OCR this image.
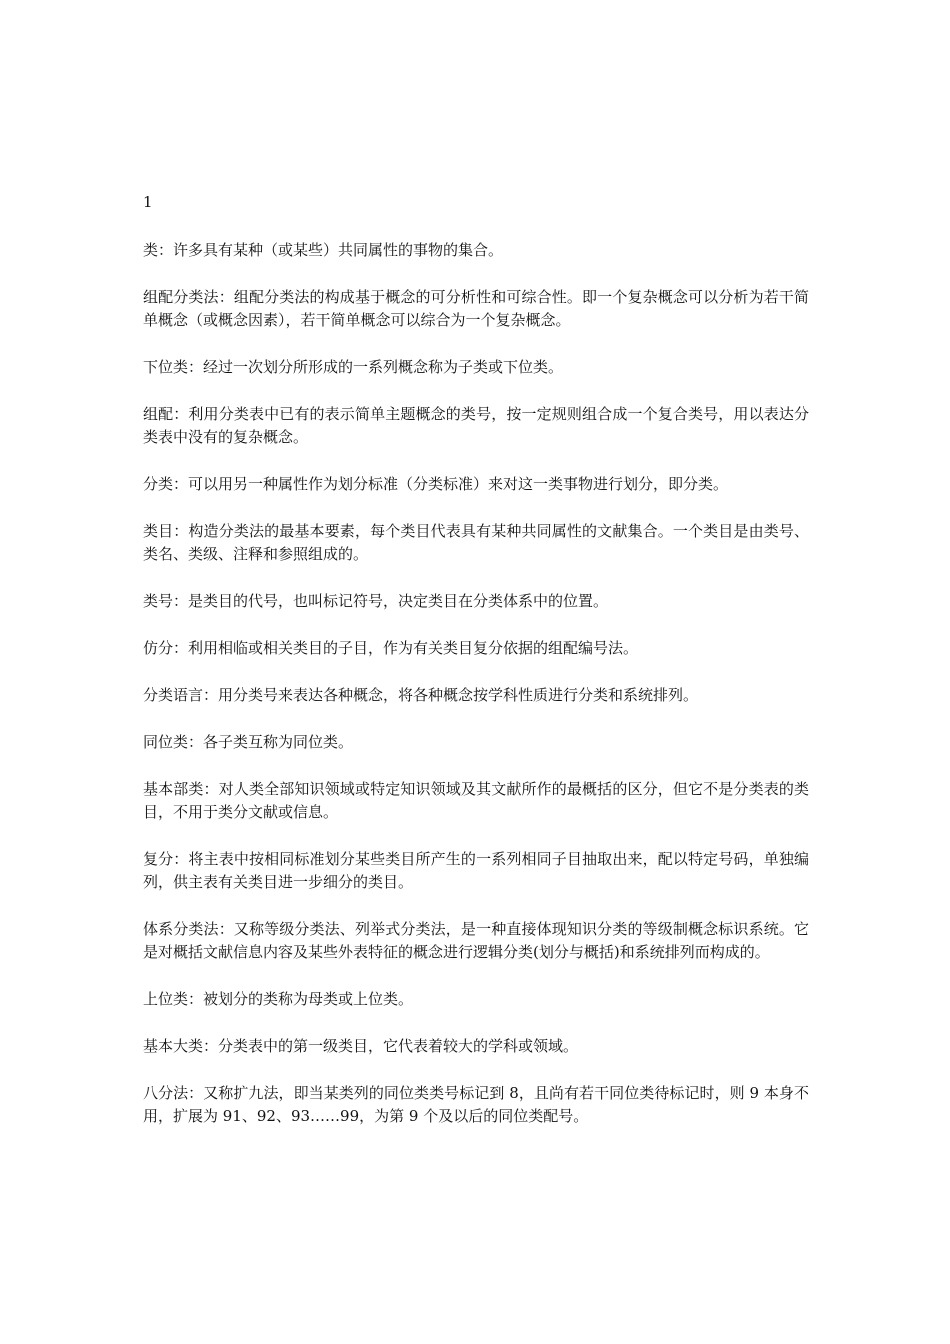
1

类：许多具有某种（或某些）共同属性的事物的集合。

组配分类法：组配分类法的构成基于概念的可分析性和可综合性。即一个复杂概念可以分析为若干简单概念（或概念因素），若干简单概念可以综合为一个复杂概念。

下位类：经过一次划分所形成的一系列概念称为子类或下位类。

组配：利用分类表中已有的表示简单主题概念的类号，按一定规则组合成一个复合类号，用以表达分类表中没有的复杂概念。

分类：可以用另一种属性作为划分标准（分类标准）来对这一类事物进行划分，即分类。

类目：构造分类法的最基本要素，每个类目代表具有某种共同属性的文献集合。一个类目是由类号、类名、类级、注释和参照组成的。

类号：是类目的代号，也叫标记符号，决定类目在分类体系中的位置。

仿分：利用相临或相关类目的子目，作为有关类目复分依据的组配编号法。

分类语言：用分类号来表达各种概念，将各种概念按学科性质进行分类和系统排列。

同位类：各子类互称为同位类。

基本部类：对人类全部知识领域或特定知识领域及其文献所作的最概括的区分，但它不是分类表的类目，不用于类分文献或信息。

复分：将主表中按相同标准划分某些类目所产生的一系列相同子目抽取出来，配以特定号码，单独编列，供主表有关类目进一步细分的类目。

体系分类法：又称等级分类法、列举式分类法，是一种直接体现知识分类的等级制概念标识系统。它是对概括文献信息内容及某些外表特征的概念进行逻辑分类(划分与概括)和系统排列而构成的。

上位类：被划分的类称为母类或上位类。

基本大类：分类表中的第一级类目，它代表着较大的学科或领域。

八分法：又称扩九法，即当某类列的同位类类号标记到 8，且尚有若干同位类待标记时，则 9 本身不用，扩展为 91、92、93……99，为第 9 个及以后的同位类配号。
